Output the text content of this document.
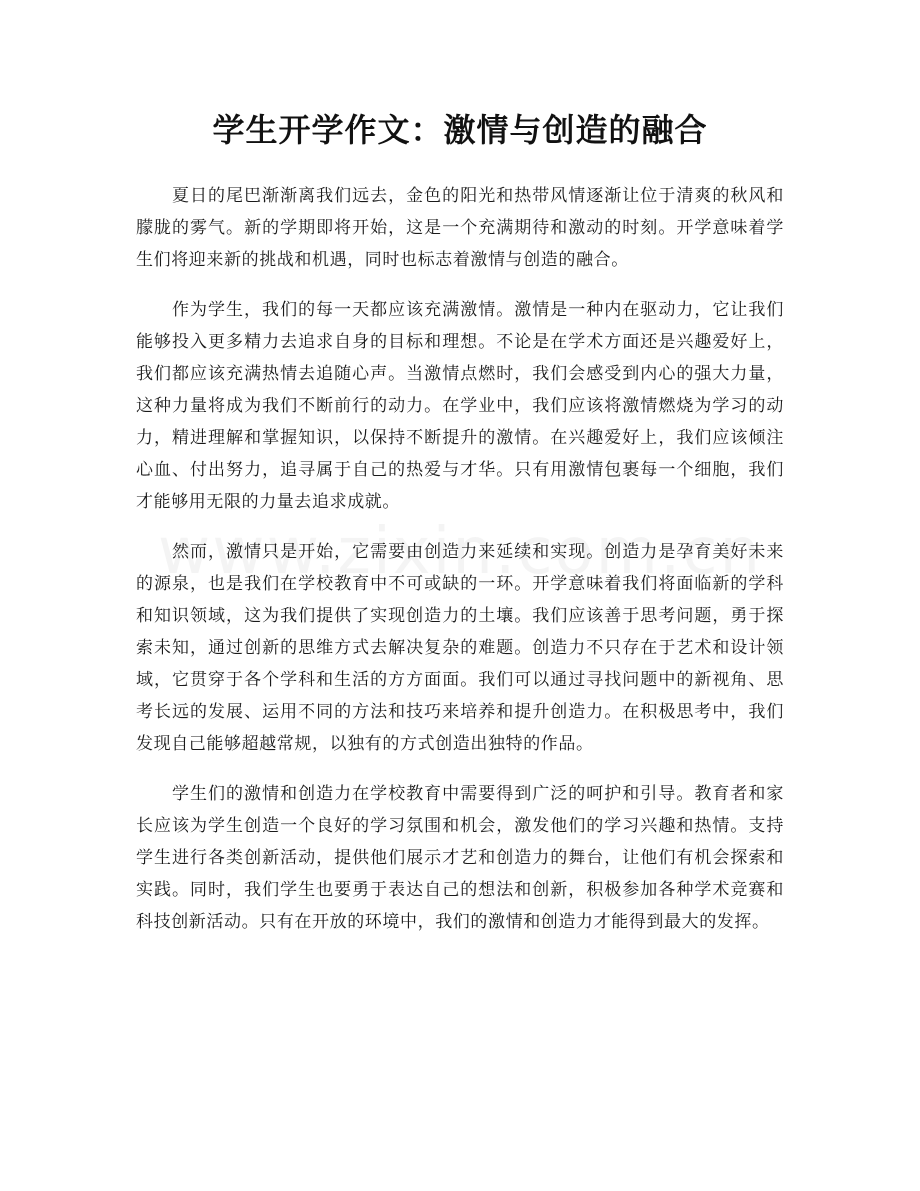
学生开学作文：激情与创造的融合

夏日的尾巴渐渐离我们远去，金色的阳光和热带风情逐渐让位于清爽的秋风和朦胧的雾气。新的学期即将开始，这是一个充满期待和激动的时刻。开学意味着学生们将迎来新的挑战和机遇，同时也标志着激情与创造的融合。

作为学生，我们的每一天都应该充满激情。激情是一种内在驱动力，它让我们能够投入更多精力去追求自身的目标和理想。不论是在学术方面还是兴趣爱好上，我们都应该充满热情去追随心声。当激情点燃时，我们会感受到内心的强大力量，这种力量将成为我们不断前行的动力。在学业中，我们应该将激情燃烧为学习的动力，精进理解和掌握知识，以保持不断提升的激情。在兴趣爱好上，我们应该倾注心血、付出努力，追寻属于自己的热爱与才华。只有用激情包裹每一个细胞，我们才能够用无限的力量去追求成就。

然而，激情只是开始，它需要由创造力来延续和实现。创造力是孕育美好未来的源泉，也是我们在学校教育中不可或缺的一环。开学意味着我们将面临新的学科和知识领域，这为我们提供了实现创造力的土壤。我们应该善于思考问题，勇于探索未知，通过创新的思维方式去解决复杂的难题。创造力不只存在于艺术和设计领域，它贯穿于各个学科和生活的方方面面。我们可以通过寻找问题中的新视角、思考长远的发展、运用不同的方法和技巧来培养和提升创造力。在积极思考中，我们发现自己能够超越常规，以独有的方式创造出独特的作品。

学生们的激情和创造力在学校教育中需要得到广泛的呵护和引导。教育者和家长应该为学生创造一个良好的学习氛围和机会，激发他们的学习兴趣和热情。支持学生进行各类创新活动，提供他们展示才艺和创造力的舞台，让他们有机会探索和实践。同时，我们学生也要勇于表达自己的想法和创新，积极参加各种学术竞赛和科技创新活动。只有在开放的环境中，我们的激情和创造力才能得到最大的发挥。
